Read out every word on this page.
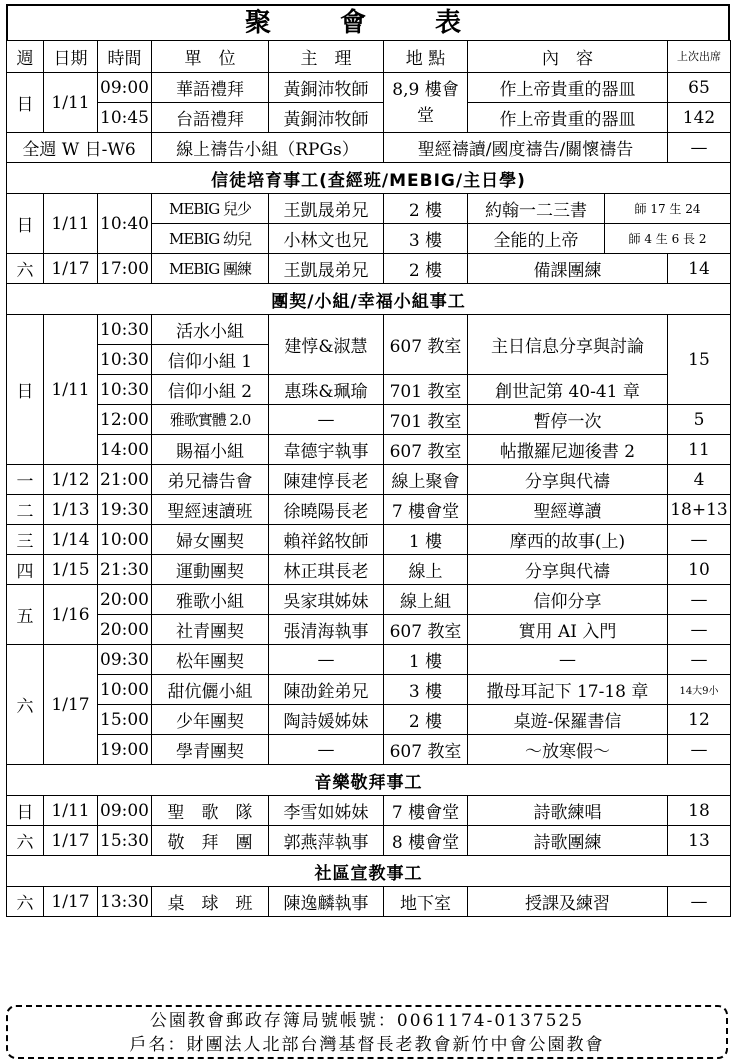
聚 會 表
週	日期	時間	單　位	主　理	地 點	內　容		上次出席
日	1/11	09:00	華語禮拜	黃銅沛牧師	8,9 樓會堂	作上帝貴重的器皿		65
		10:45	台語禮拜	黃銅沛牧師		作上帝貴重的器皿		142
全週 W 日-W6			線上禱告小組（RPGs）		聖經禱讀/國度禱告/關懷禱告			—
信徒培育事工(查經班/MEBIG/主日學)								
日	1/11	10:40	MEBIG 兒少	王凱晟弟兄	2 樓	約翰一二三書	師 17 生 24	
			MEBIG 幼兒	小林文也兄	3 樓	全能的上帝	師 4 生 6 長 2	
六	1/17	17:00	MEBIG 團練	王凱晟弟兄	2 樓	備課團練		14
團契/小組/幸福小組事工								
日	1/11	10:30	活水小組	建惇&淑慧	607 教室	主日信息分享與討論		15
		10:30	信仰小組 1					
		10:30	信仰小組 2	惠珠&珮瑜	701 教室	創世記第 40-41 章		
		12:00	雅歌實體 2.0	—	701 教室	暫停一次		5
		14:00	賜福小組	韋德宇執事	607 教室	帖撒羅尼迦後書 2		11
一	1/12	21:00	弟兄禱告會	陳建惇長老	線上聚會	分享與代禱		4
二	1/13	19:30	聖經速讀班	徐曉陽長老	7 樓會堂	聖經導讀		18+13
三	1/14	10:00	婦女團契	賴祥銘牧師	1 樓	摩西的故事(上)		—
四	1/15	21:30	運動團契	林正琪長老	線上	分享與代禱		10
五	1/16	20:00	雅歌小組	吳家琪姊妹	線上組	信仰分享		—
		20:00	社青團契	張清海執事	607 教室	實用 AI 入門		—
六	1/17	09:30	松年團契	—	1 樓	—		—
		10:00	甜伉儷小組	陳劭銓弟兄	3 樓	撒母耳記下 17-18 章		14大9小
		15:00	少年團契	陶詩媛姊妹	2 樓	桌遊-保羅書信		12
		19:00	學青團契	—	607 教室	～放寒假～		—
音樂敬拜事工								
日	1/11	09:00	聖　歌　隊	李雪如姊妹	7 樓會堂	詩歌練唱		18
六	1/17	15:30	敬　拜　團	郭燕萍執事	8 樓會堂	詩歌團練		13
社區宣教事工								
六	1/17	13:30	桌　球　班	陳逸麟執事	地下室	授課及練習		—
公園教會郵政存簿局號帳號：0061174-0137525
戶名：財團法人北部台灣基督長老教會新竹中會公園教會
